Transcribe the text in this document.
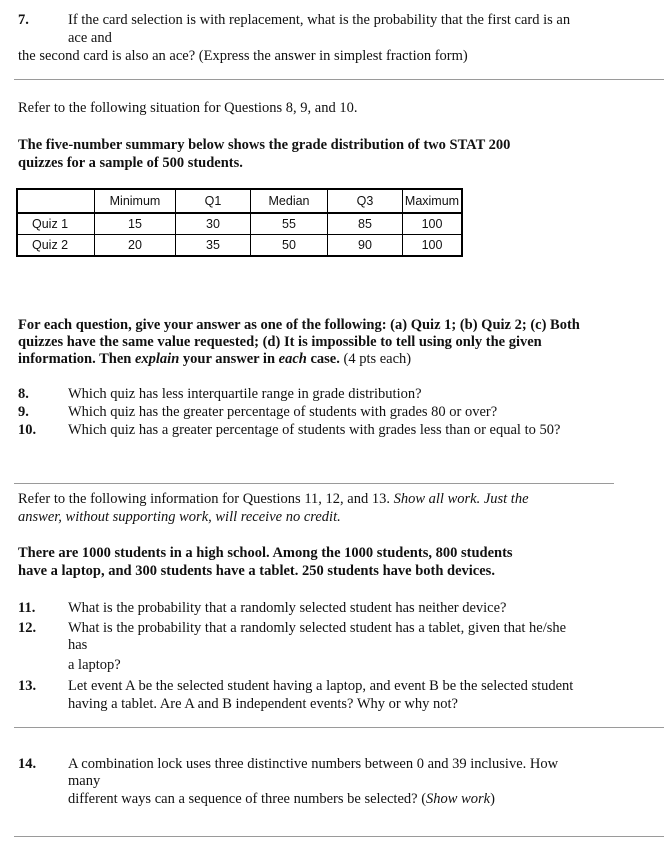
7.	If the card selection is with replacement, what is the probability that the first card is an
ace and
the second card is also an ace? (Express the answer in simplest fraction form)
Refer to the following situation for Questions 8, 9, and 10.
The five-number summary below shows the grade distribution of two STAT 200
quizzes for a sample of 500 students.
	Minimum	Q1	Median	Q3	Maximum
Quiz 1	15	30	55	85	100
Quiz 2	20	35	50	90	100
For each question, give your answer as one of the following: (a) Quiz 1; (b) Quiz 2; (c) Both
quizzes have the same value requested; (d) It is impossible to tell using only the given
information. Then explain your answer in each case. (4 pts each)
8.	Which quiz has less interquartile range in grade distribution?
9.	Which quiz has the greater percentage of students with grades 80 or over?
10. Which quiz has a greater percentage of students with grades less than or equal to 50?
Refer to the following information for Questions 11, 12, and 13. Show all work. Just the
answer, without supporting work, will receive no credit.
There are 1000 students in a high school. Among the 1000 students, 800 students
have a laptop, and 300 students have a tablet. 250 students have both devices.
11. What is the probability that a randomly selected student has neither device?
12. What is the probability that a randomly selected student has a tablet, given that he/she
has
a laptop?
13. Let event A be the selected student having a laptop, and event B be the selected student
having a tablet. Are A and B independent events? Why or why not?
14. A combination lock uses three distinctive numbers between 0 and 39 inclusive. How
many
different ways can a sequence of three numbers be selected? (Show work)
